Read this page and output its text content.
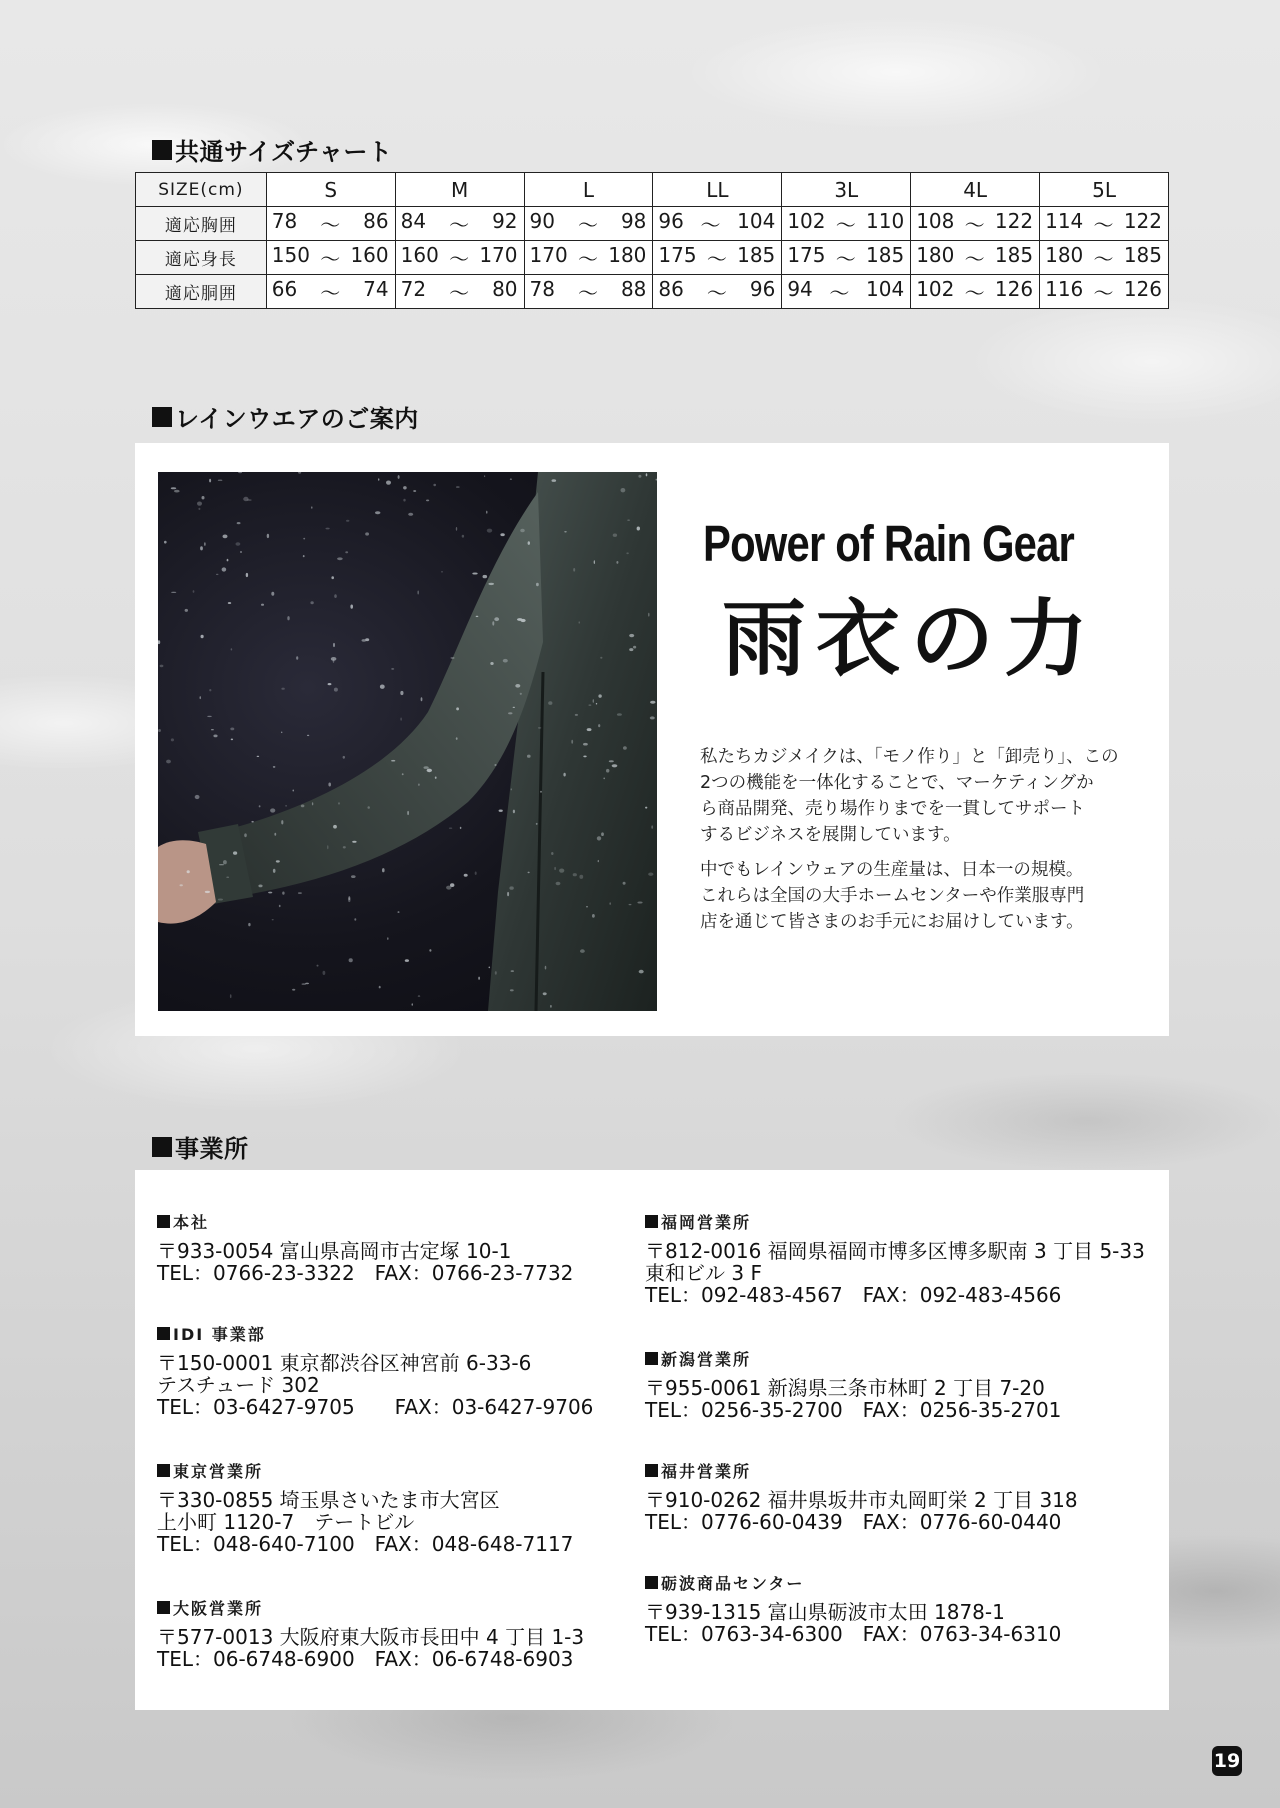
共通サイズチャート
SIZE(cm)	S	M	L	LL	3L	4L	5L
適応胸囲	78 ～ 86	84 ～ 92	90 ～ 98	96 ～ 104	102 ～ 110	108 ～ 122	114 ～ 122

適応身長	150 ～ 160	160 ～ 170	170 ～ 180	175 ～ 185	175 ～ 185	180 ～ 185	180 ～ 185

適応胴囲	66 ～ 74	72 ～ 80	78 ～ 88	86 ～ 96	94 ～ 104	102 ～ 126	116 ～ 126
レインウエアのご案内
Power of Rain Gear
雨衣の力

私たちカジメイクは、「モノ作り」と「卸売り」、この
2つの機能を一体化することで、マーケティングか
ら商品開発、売り場作りまでを一貫してサポート
するビジネスを展開しています。

中でもレインウェアの生産量は、日本一の規模。
これらは全国の大手ホームセンターや作業服専門
店を通じて皆さまのお手元にお届けしています。

事業所
本社
〒933-0054 富山県高岡市古定塚 10-1
TEL：0766-23-3322　FAX：0766-23-7732
IDI 事業部
〒150-0001 東京都渋谷区神宮前 6-33-6
テスチュード 302
TEL：03-6427-9705　　FAX：03-6427-9706
東京営業所
〒330-0855 埼玉県さいたま市大宮区
上小町 1120-7　テートビル
TEL：048-640-7100　FAX：048-648-7117
大阪営業所
〒577-0013 大阪府東大阪市長田中 4 丁目 1-3
TEL：06-6748-6900　FAX：06-6748-6903
福岡営業所
〒812-0016 福岡県福岡市博多区博多駅南 3 丁目 5-33
東和ビル 3 F
TEL：092-483-4567　FAX：092-483-4566
新潟営業所
〒955-0061 新潟県三条市林町 2 丁目 7-20
TEL：0256-35-2700　FAX：0256-35-2701
福井営業所
〒910-0262 福井県坂井市丸岡町栄 2 丁目 318
TEL：0776-60-0439　FAX：0776-60-0440
砺波商品センター
〒939-1315 富山県砺波市太田 1878-1
TEL：0763-34-6300　FAX：0763-34-6310
19
